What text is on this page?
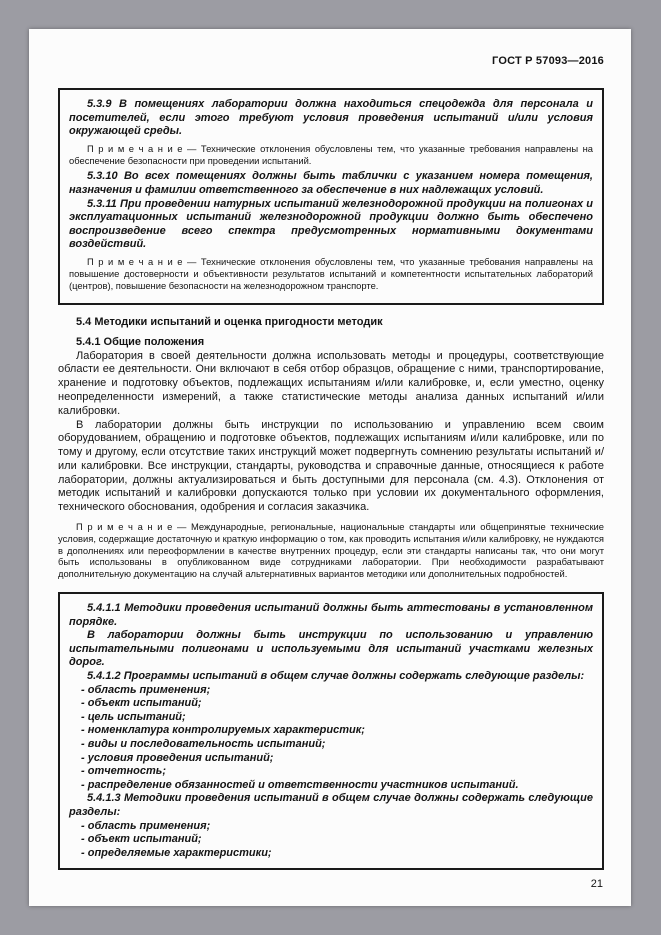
ГОСТ Р 57093—2016

5.3.9 В помещениях лаборатории должна находиться спецодежда для персонала и посетителей, если этого требуют условия проведения испытаний и/или условия окружающей среды.

П р и м е ч а н и е — Технические отклонения обусловлены тем, что указанные требования направлены на обеспечение безопасности при проведении испытаний.

5.3.10 Во всех помещениях должны быть таблички с указанием номера помещения, назначения и фамилии ответственного за обеспечение в них надлежащих условий.

5.3.11 При проведении натурных испытаний железнодорожной продукции на полигонах и эксплуатационных испытаний железнодорожной продукции должно быть обеспечено воспроизведение всего спектра предусмотренных нормативными документами воздействий.

П р и м е ч а н и е — Технические отклонения обусловлены тем, что указанные требования направлены на повышение достоверности и объективности результатов испытаний и компетентности испытательных лабораторий (центров), повышение безопасности на железнодорожном транспорте.

5.4 Методики испытаний и оценка пригодности методик
5.4.1 Общие положения

Лаборатория в своей деятельности должна использовать методы и процедуры, соответствующие области ее деятельности. Они включают в себя отбор образцов, обращение с ними, транспортирование, хранение и подготовку объектов, подлежащих испытаниям и/или калибровке, и, если уместно, оценку неопределенности измерений, а также статистические методы анализа данных испытаний и/или калибровки.

В лаборатории должны быть инструкции по использованию и управлению всем своим оборудованием, обращению и подготовке объектов, подлежащих испытаниям и/или калибровке, или по тому и другому, если отсутствие таких инструкций может подвергнуть сомнению результаты испытаний и/или калибровки. Все инструкции, стандарты, руководства и справочные данные, относящиеся к работе лаборатории, должны актуализироваться и быть доступными для персонала (см. 4.3). Отклонения от методик испытаний и калибровки допускаются только при условии их документального оформления, технического обоснования, одобрения и согласия заказчика.

П р и м е ч а н и е — Международные, региональные, национальные стандарты или общепринятые технические условия, содержащие достаточную и краткую информацию о том, как проводить испытания и/или калибровку, не нуждаются в дополнениях или переоформлении в качестве внутренних процедур, если эти стандарты написаны так, что они могут быть использованы в опубликованном виде сотрудниками лаборатории. При необходимости разрабатывают дополнительную документацию на случай альтернативных вариантов методики или дополнительных подробностей.

5.4.1.1 Методики проведения испытаний должны быть аттестованы в установленном порядке.

В лаборатории должны быть инструкции по использованию и управлению испытательными полигонами и используемыми для испытаний участками железных дорог.

5.4.1.2 Программы испытаний в общем случае должны содержать следующие разделы:

- область применения;

- объект испытаний;

- цель испытаний;

- номенклатура контролируемых характеристик;

- виды и последовательность испытаний;

- условия проведения испытаний;

- отчетность;

- распределение обязанностей и ответственности участников испытаний.

5.4.1.3 Методики проведения испытаний в общем случае должны содержать следующие разделы:

- область применения;

- объект испытаний;

- определяемые характеристики;

21
